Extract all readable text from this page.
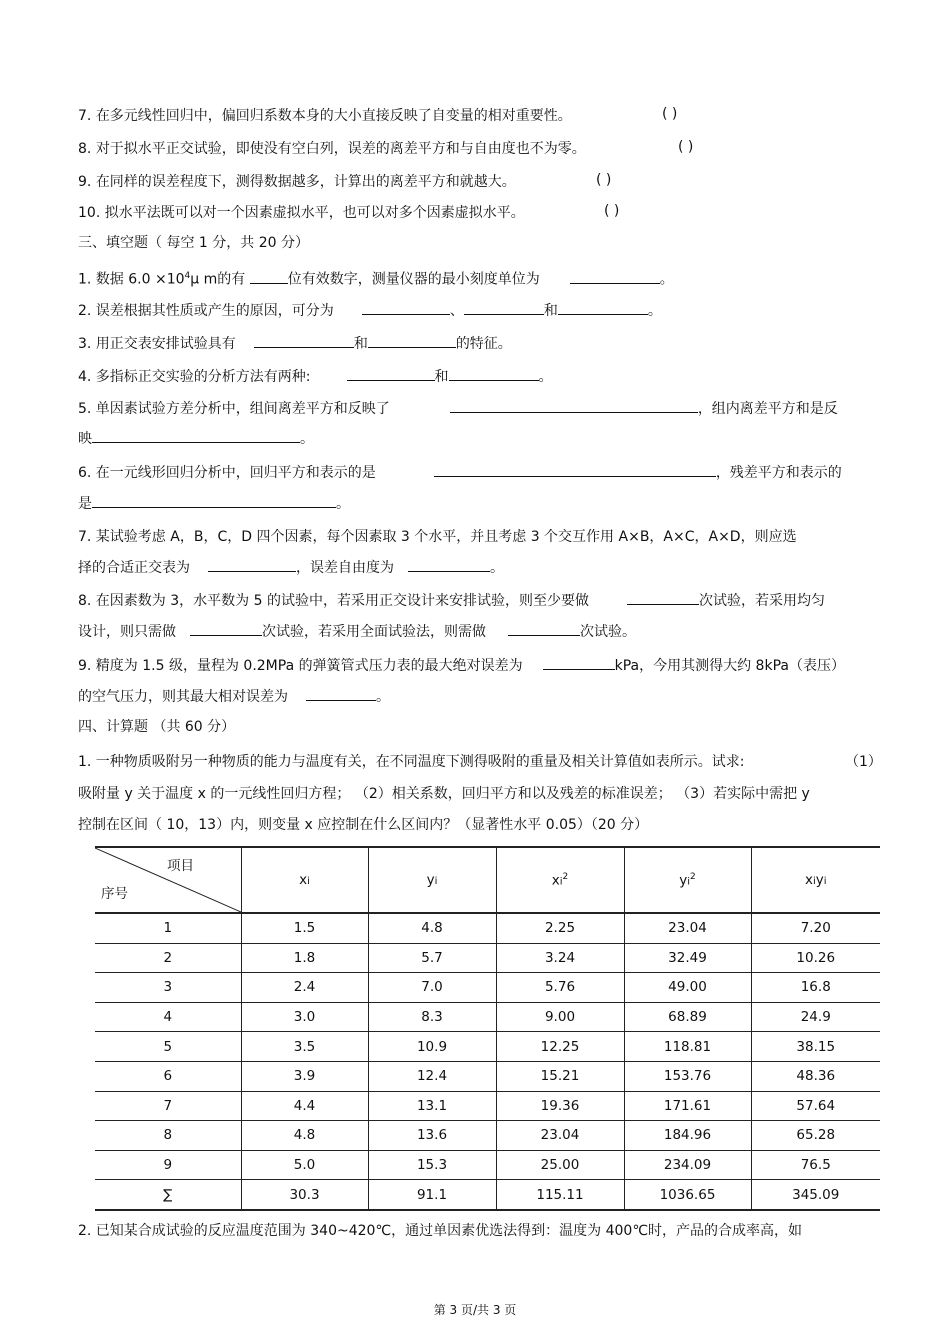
7. 在多元线性回归中，偏回归系数本身的大小直接反映了自变量的相对重要性。	( )
8. 对于拟水平正交试验，即使没有空白列，误差的离差平方和与自由度也不为零。	( )
9. 在同样的误差程度下，测得数据越多，计算出的离差平方和就越大。	( )
10. 拟水平法既可以对一个因素虚拟水平，也可以对多个因素虚拟水平。	( )
三、填空题（ 每空 1 分，共 20 分）
1. 数据 $6.0 \times 10^4\mu$ m的有	位有效数字，测量仪器的最小刻度单位为	。
2. 误差根据其性质或产生的原因，可分为	、	和	。
3. 用正交表安排试验具有	和	的特征。
4. 多指标正交实验的分析方法有两种:	和	。
5. 单因素试验方差分析中，组间离差平方和反映了	，组内离差平方和是反
映	。
6. 在一元线形回归分析中，回归平方和表示的是	，残差平方和表示的
是	。
7. 某试验考虑 A，B，C，D 四个因素，每个因素取 3 个水平，并且考虑 3 个交互作用 A×B，A×C，A×D，则应选
择的合适正交表为	，误差自由度为	。
8. 在因素数为 3，水平数为 5 的试验中，若采用正交设计来安排试验，则至少要做	次试验，若采用均匀
设计，则只需做	次试验，若采用全面试验法，则需做	次试验。
9. 精度为 1.5 级，量程为 0.2MPa 的弹簧管式压力表的最大绝对误差为	kPa，今用其测得大约 8kPa（表压）
的空气压力，则其最大相对误差为	。
四、计算题 （共 60 分）
1. 一种物质吸附另一种物质的能力与温度有关，在不同温度下测得吸附的重量及相关计算值如表所示。试求:	（1）
吸附量 y 关于温度 x 的一元线性回归方程； （2）相关系数，回归平方和以及残差的标准误差； （3）若实际中需把 y
控制在区间（ 10，13）内，则变量 x 应控制在什么区间内？（显著性水平 0.05）（20 分）
项目
序号	xi	yi	$xi^2$	$yi^2$	xiyi
1	1.5	4.8	2.25	23.04	7.20
2	1.8	5.7	3.24	32.49	10.26
3	2.4	7.0	5.76	49.00	16.8
4	3.0	8.3	9.00	68.89	24.9
5	3.5	10.9	12.25	118.81	38.15
6	3.9	12.4	15.21	153.76	48.36
7	4.4	13.1	19.36	171.61	57.64
8	4.8	13.6	23.04	184.96	65.28
9	5.0	15.3	25.00	234.09	76.5
∑	30.3	91.1	115.11	1036.65	345.09
2. 已知某合成试验的反应温度范围为 340~420℃，通过单因素优选法得到：温度为 400℃时，产品的合成率高，如
第 3 页/共 3 页
